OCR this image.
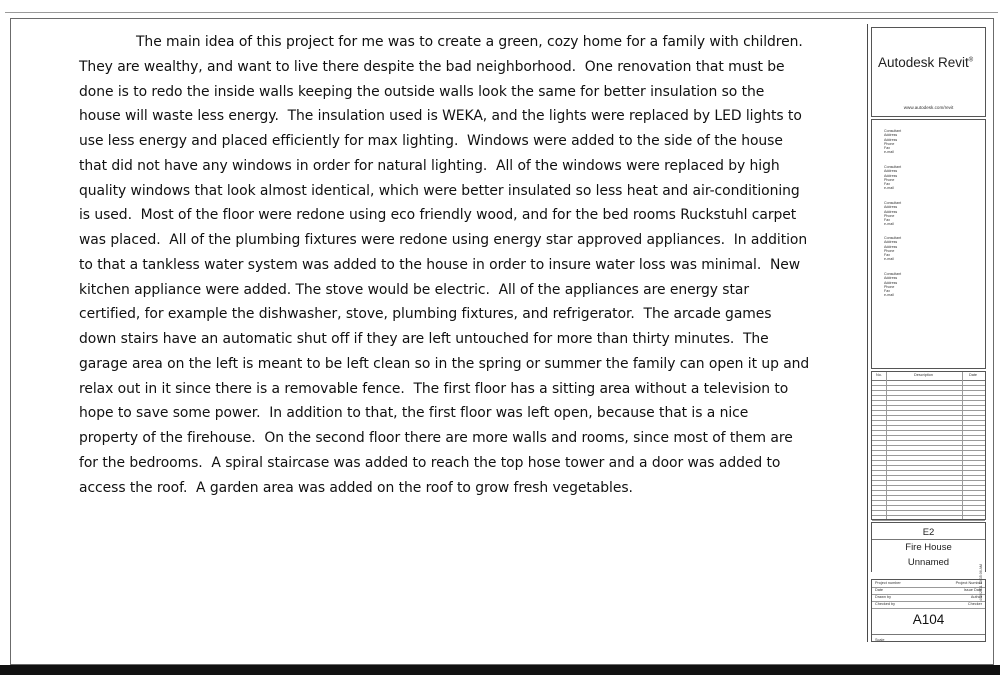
The main idea of this project for me was to create a green, cozy home for a family with children.
They are wealthy, and want to live there despite the bad neighborhood.  One renovation that must be
done is to redo the inside walls keeping the outside walls look the same for better insulation so the
house will waste less energy.  The insulation used is WEKA, and the lights were replaced by LED lights to
use less energy and placed efficiently for max lighting.  Windows were added to the side of the house
that did not have any windows in order for natural lighting.  All of the windows were replaced by high
quality windows that look almost identical, which were better insulated so less heat and air-conditioning
is used.  Most of the floor were redone using eco friendly wood, and for the bed rooms Ruckstuhl carpet
was placed.  All of the plumbing fixtures were redone using energy star approved appliances.  In addition
to that a tankless water system was added to the house in order to insure water loss was minimal.  New
kitchen appliance were added. The stove would be electric.  All of the appliances are energy star
certified, for example the dishwasher, stove, plumbing fixtures, and refrigerator.  The arcade games
down stairs have an automatic shut off if they are left untouched for more than thirty minutes.  The
garage area on the left is meant to be left clean so in the spring or summer the family can open it up and
relax out in it since there is a removable fence.  The first floor has a sitting area without a television to
hope to save some power.  In addition to that, the first floor was left open, because that is a nice
property of the firehouse.  On the second floor there are more walls and rooms, since most of them are
for the bedrooms.  A spiral staircase was added to reach the top hose tower and a door was added to
access the roof.  A garden area was added on the roof to grow fresh vegetables.

Autodesk Revit®
www.autodesk.com/revit
Consultant
Address
Address
Phone
Fax
e-mail
Consultant
Address
Address
Phone
Fax
e-mail
Consultant
Address
Address
Phone
Fax
e-mail
Consultant
Address
Address
Phone
Fax
e-mail
Consultant
Address
Address
Phone
Fax
e-mail
No.	Description	Date
E2
Fire House
Unnamed
Project number	Project Number
Date	Issue Date
Drawn by	Author
Checked by	Checker
A104
Scale
4/10/2011 10:35:06 AM
